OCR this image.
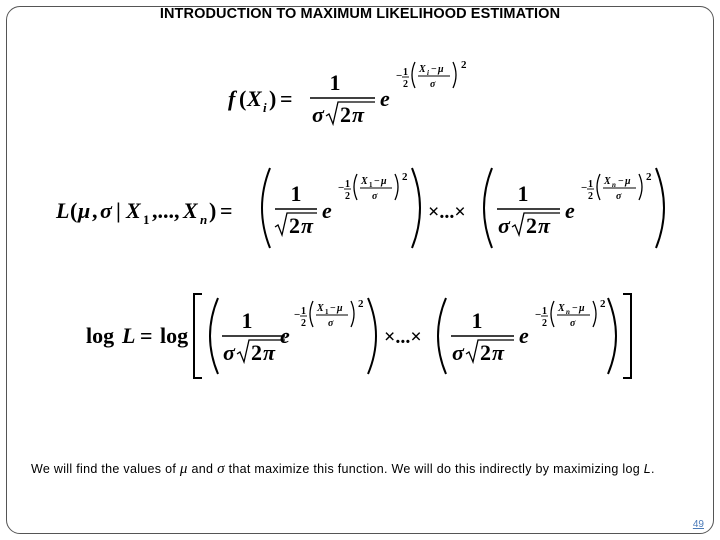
INTRODUCTION TO MAXIMUM LIKELIHOOD ESTIMATION
f ( X i ) =
1
σ 2 π
e
− 1
2
X i − μ
σ
2
L ( μ , σ | X 1 ,..., X n ) =
1
2 π
e
− 1
2
X 1 − μ
σ
2
×...×
1
σ 2 π
e
− 1
2
X n − μ
σ
2
log L = log
1
σ 2 π
e
− 1
2
X 1 − μ
σ
2
×...×
1
σ 2 π
e
− 1
2
X n − μ
σ
2
We will find the values of μ and σ that maximize this function. We will do this indirectly by maximizing log L.
49
